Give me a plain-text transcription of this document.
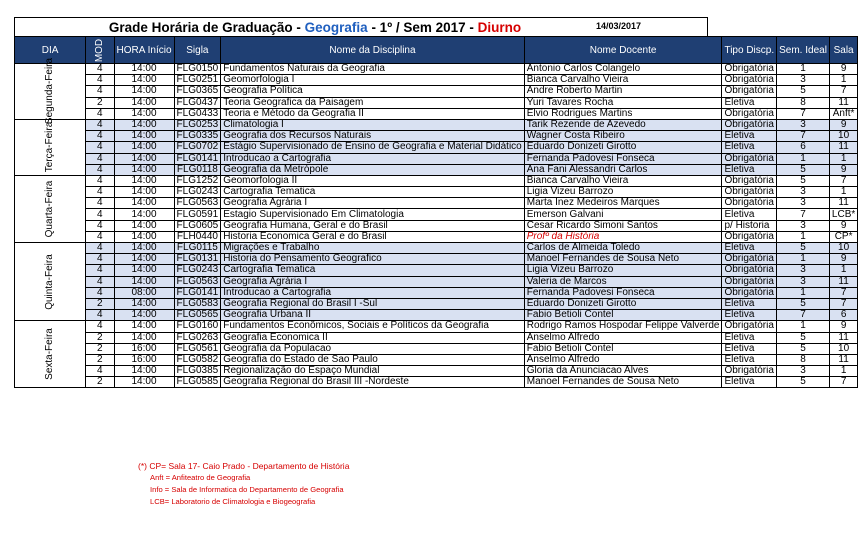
Grade Horária de Graduação - Geografia - 1º / Sem 2017 - Diurno	14/03/2017
DIA	MOD	HORA Início	Sigla	Nome da Disciplina	Nome Docente	Tipo Discp.	Sem. Ideal	Sala

Segunda-Feira	4	14:00	FLG0150	Fundamentos Naturais da Geografia	Antonio Carlos Colangelo	Obrigatória	1	9
	4	14:00	FLG0251	Geomorfologia I	Bianca Carvalho Vieira	Obrigatória	3	1
	4	14:00	FLG0365	Geografia Política	Andre Roberto Martin	Obrigatória	5	7
	2	14:00	FLG0437	Teoria Geografica da Paisagem	Yuri Tavares Rocha	Eletiva	8	11
	4	14:00	FLG0433	Teoria e Método da Geografia II	Elvio Rodrigues Martins	Obrigatória	7	Anft*

Terça-Feira	4	14:00	FLG0253	Climatologia I	Tarik Rezende de Azevedo	Obrigatória	3	9
	4	14:00	FLG0335	Geografia dos Recursos Naturais	Wagner Costa Ribeiro	Eletiva	7	10
	4	14:00	FLG0702	Estágio Supervisionado de Ensino de Geografia e Material Didático	Eduardo Donizeti Girotto	Eletiva	6	11
	4	14:00	FLG0141	Introducao a Cartografia	Fernanda Padovesi Fonseca	Obrigatória	1	1
	4	14:00	FLG0118	Geografia da Metrópole	Ana Fani Alessandri Carlos	Eletiva	5	9

Quarta-Feira	4	14:00	FLG1252	Geomorfologia II	Bianca Carvalho Vieira	Obrigatória	5	7
	4	14:00	FLG0243	Cartografia Tematica	Ligia Vizeu Barrozo	Obrigatória	3	1
	4	14:00	FLG0563	Geografia Agrária I	Marta Inez Medeiros Marques	Obrigatória	3	11
	4	14:00	FLG0591	Estagio Supervisionado Em Climatologia	Emerson Galvani	Eletiva	7	LCB*
	4	14:00	FLG0605	Geografia Humana, Geral e do Brasil	Cesar Ricardo Simoni Santos	p/ Historia	3	9
	4	14:00	FLH0440	Historia Economica Geral e do Brasil	Profº da História	Obrigatória	1	CP*

Quinta-Feira	4	14:00	FLG0115	Migrações e Trabalho	Carlos de Almeida Toledo	Eletiva	5	10
	4	14:00	FLG0131	Historia do Pensamento Geografico	Manoel Fernandes de Sousa Neto	Obrigatória	1	9
	4	14:00	FLG0243	Cartografia Tematica	Ligia Vizeu Barrozo	Obrigatória	3	1
	4	14:00	FLG0563	Geografia Agrária I	Valeria de Marcos	Obrigatória	3	11
	4	08:00	FLG0141	Introducao a Cartografia	Fernanda Padovesi Fonseca	Obrigatória	1	7
	2	14:00	FLG0583	Geografia Regional do Brasil I -Sul	Eduardo Donizeti Girotto	Eletiva	5	7
	4	14:00	FLG0565	Geografia Urbana II	Fabio Betioli Contel	Eletiva	7	6

Sexta-Feira	4	14:00	FLG0160	Fundamentos Econômicos, Sociais e Políticos da Geografia	Rodrigo Ramos Hospodar Felippe Valverde	Obrigatória	1	9
	2	14:00	FLG0263	Geografia Economica II	Anselmo Alfredo	Eletiva	5	11
	2	16:00	FLG0561	Geografia da Populacao	Fabio Betioli Contel	Eletiva	5	10
	2	16:00	FLG0582	Geografia do Estado de Sao Paulo	Anselmo Alfredo	Eletiva	8	11
	4	14:00	FLG0385	Regionalização do Espaço Mundial	Gloria da Anunciacao Alves	Obrigatória	3	1
	2	14:00	FLG0585	Geografia Regional do Brasil III -Nordeste	Manoel Fernandes de Sousa Neto	Eletiva	5	7
(*) CP= Sala 17- Caio Prado - Departamento de História
Anft = Anfiteatro de Geografia
Info = Sala de Informatica do Departamento de Geografia
LCB= Laboratorio de Climatologia e Biogeografia
